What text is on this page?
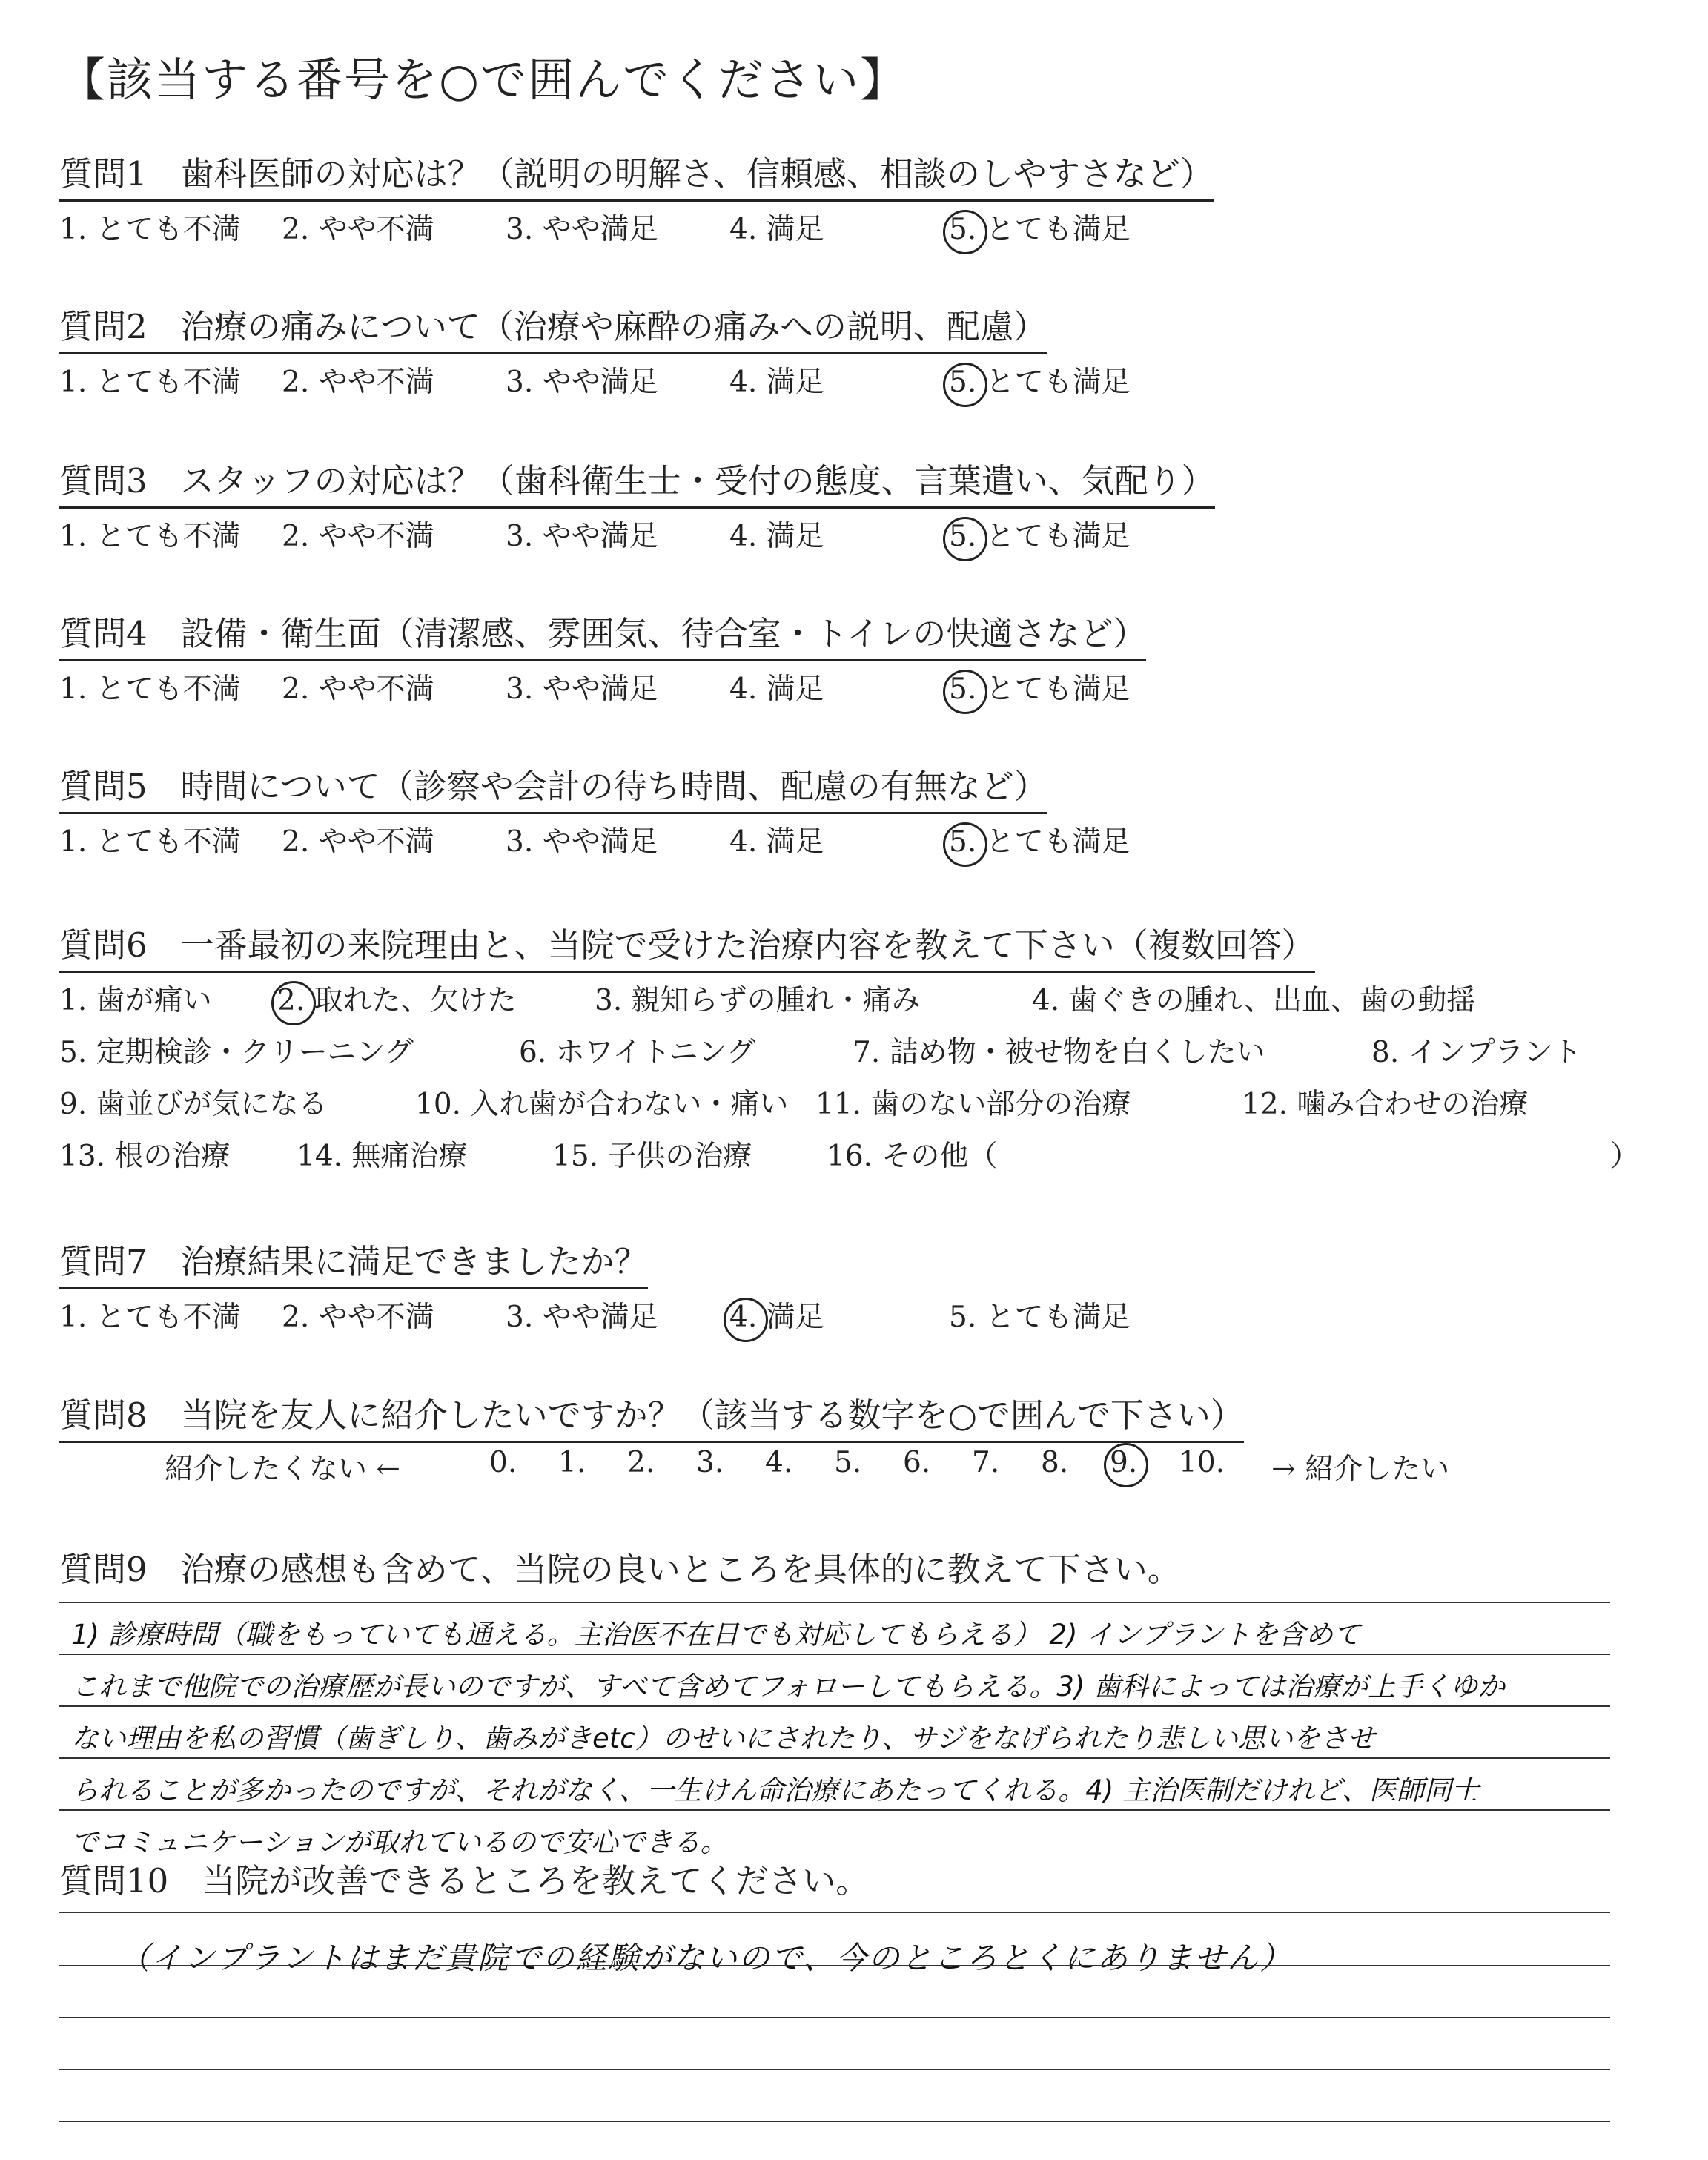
【該当する番号を○で囲んでください】
質問1　歯科医師の対応は？（説明の明解さ、信頼感、相談のしやすさなど）
1. とても不満 2. やや不満 3. やや満足 4. 満足	5. とても満足
質問2　治療の痛みについて（治療や麻酔の痛みへの説明、配慮）
1. とても不満 2. やや不満 3. やや満足 4. 満足	5. とても満足
質問3　スタッフの対応は？（歯科衛生士・受付の態度、言葉遣い、気配り）
1. とても不満 2. やや不満 3. やや満足 4. 満足	5. とても満足
質問4　設備・衛生面（清潔感、雰囲気、待合室・トイレの快適さなど）
1. とても不満 2. やや不満 3. やや満足 4. 満足	5. とても満足
質問5　時間について（診察や会計の待ち時間、配慮の有無など）
1. とても不満 2. やや不満 3. やや満足 4. 満足	5. とても満足
質問6　一番最初の来院理由と、当院で受けた治療内容を教えて下さい（複数回答）
1. 歯が痛い 2. 取れた、欠けた	3. 親知らずの腫れ・痛み	4. 歯ぐきの腫れ、出血、歯の動揺
5. 定期検診・クリーニング	6. ホワイトニング	7. 詰め物・被せ物を白くしたい	8. インプラント
9. 歯並びが気になる	10. 入れ歯が合わない・痛い 11. 歯のない部分の治療	12. 噛み合わせの治療
13. 根の治療 14. 無痛治療	15. 子供の治療	16. その他（	）
質問7　治療結果に満足できましたか？
1. とても不満 2. やや不満 3. やや満足 4. 満足	5. とても満足
質問8　当院を友人に紹介したいですか？（該当する数字を○で囲んで下さい）
紹介したくない ←	0. 1. 2. 3. 4. 5. 6. 7. 8. 9. 10. → 紹介したい
質問9　治療の感想も含めて、当院の良いところを具体的に教えて下さい。
1) 診療時間（職をもっていても通える。主治医不在日でも対応してもらえる） 2) インプラントを含めて
これまで他院での治療歴が長いのですが、すべて含めてフォローしてもらえる。3) 歯科によっては治療が上手くゆか
ない理由を私の習慣（歯ぎしり、歯みがきetc）のせいにされたり、サジをなげられたり悲しい思いをさせ
られることが多かったのですが、それがなく、一生けん命治療にあたってくれる。4) 主治医制だけれど、医師同士
でコミュニケーションが取れているので安心できる。
質問10　当院が改善できるところを教えてください。
（インプラントはまだ貴院での経験がないので、今のところとくにありません）
